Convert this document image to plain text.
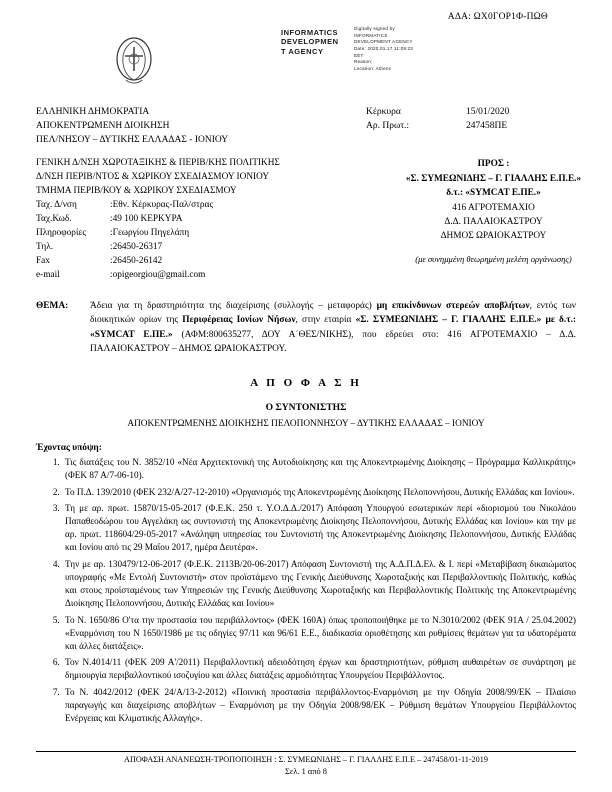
ΑΔΑ: ΩΧ0ΓΟΡ1Φ-ΠΩΘ
INFORMATICS
DEVELOPMEN
T AGENCY
Digitally signed by
INFORMATICS
DEVELOPMENT AGENCY
Date: 2020.01.17 11:09:23
EET
Reason:
Location: Athens
ΕΛΛΗΝΙΚΗ ΔΗΜΟΚΡΑΤΙΑ
ΑΠΟΚΕΝΤΡΩΜΕΝΗ ΔΙΟΙΚΗΣΗ
ΠΕΛ/ΝΗΣΟΥ – ΔΥΤΙΚΗΣ ΕΛΛΑΔΑΣ - ΙΟΝΙΟΥ
Κέρκυρα	15/01/2020
Αρ. Πρωτ.:	247458ΠΕ
ΓΕΝΙΚΗ Δ/ΝΣΗ ΧΩΡΟΤΑΞΙΚΗΣ & ΠΕΡΙΒ/ΚΗΣ ΠΟΛΙΤΙΚΗΣ
Δ/ΝΣΗ ΠΕΡΙΒ/ΝΤΟΣ & ΧΩΡΙΚΟΥ ΣΧΕΔΙΑΣΜΟΥ ΙΟΝΙΟΥ
ΤΜΗΜΑ ΠΕΡΙΒ/ΚΟΥ & ΧΩΡΙΚΟΥ ΣΧΕΔΙΑΣΜΟΥ
Ταχ. Δ/νση	:Εθν. Κέρκυρας-Παλ/στρας
Ταχ.Κωδ.	:49 100 ΚΕΡΚΥΡΑ
Πληροφορίες	:Γεωργίου Πηγελάπη
Τηλ.	:26450-26317
Fax	:26450-26142
e-mail	:opigeorgiou@gmail.com
ΠΡΟΣ :
«Σ. ΣΥΜΕΩΝΙΔΗΣ – Γ. ΓΙΑΛΛΗΣ Ε.Π.Ε.»
δ.τ.: «SYMCAT Ε.ΠΕ.»
416 ΑΓΡΟΤΕΜΑΧΙΟ
Δ.Δ. ΠΑΛΑΙΟΚΑΣΤΡΟΥ
ΔΗΜΟΣ ΩΡΑΙΟΚΑΣΤΡΟΥ
(με συνημμένη θεωρημένη μελέτη οργάνωσης)
ΘΕΜΑ: Άδεια για τη δραστηριότητα της διαχείρισης (συλλογής – μεταφοράς) μη επικίνδυνων στερεών αποβλήτων, εντός των διοικητικών ορίων της Περιφέρειας Ιονίων Νήσων, στην εταιρία «Σ. ΣΥΜΕΩΝΙΔΗΣ – Γ. ΓΙΑΛΛΗΣ Ε.Π.Ε.» με δ.τ.: «SYMCAT Ε.ΠΕ.» (ΑΦΜ:800635277, ΔΟΥ Α΄ΘΕΣ/ΝΙΚΗΣ), που εδρεύει στο: 416 ΑΓΡΟΤΕΜΑΧΙΟ – Δ.Δ. ΠΑΛΑΙΟΚΑΣΤΡΟΥ – ΔΗΜΟΣ ΩΡΑΙΟΚΑΣΤΡΟΥ.
Α Π Ο Φ Α Σ Η
Ο ΣΥΝΤΟΝΙΣΤΗΣ
ΑΠΟΚΕΝΤΡΩΜΕΝΗΣ ΔΙΟΙΚΗΣΗΣ ΠΕΛΟΠΟΝΝΗΣΟΥ – ΔΥΤΙΚΗΣ ΕΛΛΑΔΑΣ – ΙΟΝΙΟΥ
Έχοντας υπόψη:
1. Τις διατάξεις του Ν. 3852/10 «Νέα Αρχιτεκτονική της Αυτοδιοίκησης και της Αποκεντρωμένης Διοίκησης – Πρόγραμμα Καλλικράτης» (ΦΕΚ 87 Α/7-06-10).
2. Το Π.Δ. 139/2010 (ΦΕΚ 232/Α/27-12-2010) «Οργανισμός της Αποκεντρωμένης Διοίκησης Πελοποννήσου, Δυτικής Ελλάδας και Ιονίου».
3. Τη με αρ. πρωτ. 15870/15-05-2017 (Φ.Ε.Κ. 250 τ. Υ.Ο.Δ.Δ./2017) Απόφαση Υπουργού εσωτερικών περί «διορισμού του Νικολάου Παπαθεοδώρου του Αγγελάκη ως συντονιστή της Αποκεντρωμένης Διοίκησης Πελοποννήσου, Δυτικής Ελλάδας και Ιονίου» και την με αρ. πρωτ. 118604/29-05-2017 «Ανάληψη υπηρεσίας του Συντονιστή της Αποκεντρωμένης Διοίκησης Πελοποννήσου, Δυτικής Ελλάδας και Ιονίου από τις 29 Μαΐου 2017, ημέρα Δευτέρα».
4. Την με αρ. 130479/12-06-2017 (Φ.Ε.Κ. 2113Β/20-06-2017) Απόφαση Συντονιστή της Α.Δ.Π.Δ.Ελ. & Ι. περί «Μεταβίβαση δικαιώματος υπογραφής «Με Εντολή Συντονιστή» στον προϊστάμενο της Γενικής Διεύθυνσης Χωροταξικής και Περιβαλλοντικής Πολιτικής, καθώς και στους προϊσταμένους των Υπηρεσιών της Γενικής Διεύθυνσης Χωροταξικής και Περιβαλλοντικής Πολιτικής της Αποκεντρωμένης Διοίκησης Πελοποννήσου, Δυτικής Ελλάδας και Ιονίου»
5. Το Ν. 1650/86 Ο'τα την προστασία του περιβάλλοντος» (ΦΕΚ 160Α) όπως τροποποιήθηκε με το Ν.3010/2002 (ΦΕΚ 91Α / 25.04.2002) «Εναρμόνιση του Ν 1650/1986 με τις οδηγίες 97/11 και 96/61 Ε.Ε., διαδικασία οριοθέτησης και ρυθμίσεις θεμάτων για τα υδατορέματα και άλλες διατάξεις».
6. Τον Ν.4014/11 (ΦΕΚ 209 Α'/2011) Περιβαλλοντική αδειοδότηση έργων και δραστηριοτήτων, ρύθμιση αυθαιρέτων σε συνάρτηση με δημιουργία περιβαλλοντικού ισοζυγίου και άλλες διατάξεις αρμοδιότητας Υπουργείου Περιβάλλοντος.
7. Το Ν. 4042/2012 (ΦΕΚ 24/Α/13-2-2012) «Ποινική προστασία περιβάλλοντος-Εναρμόνιση με την Οδηγία 2008/99/ΕΚ – Πλαίσιο παραγωγής και διαχείρισης αποβλήτων – Εναρμόνιση με την Οδηγία 2008/98/ΕΚ – Ρύθμιση θεμάτων Υπουργείου Περιβάλλοντος Ενέργειας και Κλιματικής Αλλαγής».
ΑΠΟΦΑΣΗ ΑΝΑΝΕΩΣΗ-ΤΡΟΠΟΠΟΙΗΣΗ : Σ. ΣΥΜΕΩΝΙΔΗΣ – Γ. ΓΙΑΛΛΗΣ Ε.Π.Ε – 247458/01-11-2019
Σελ. 1 από 8
